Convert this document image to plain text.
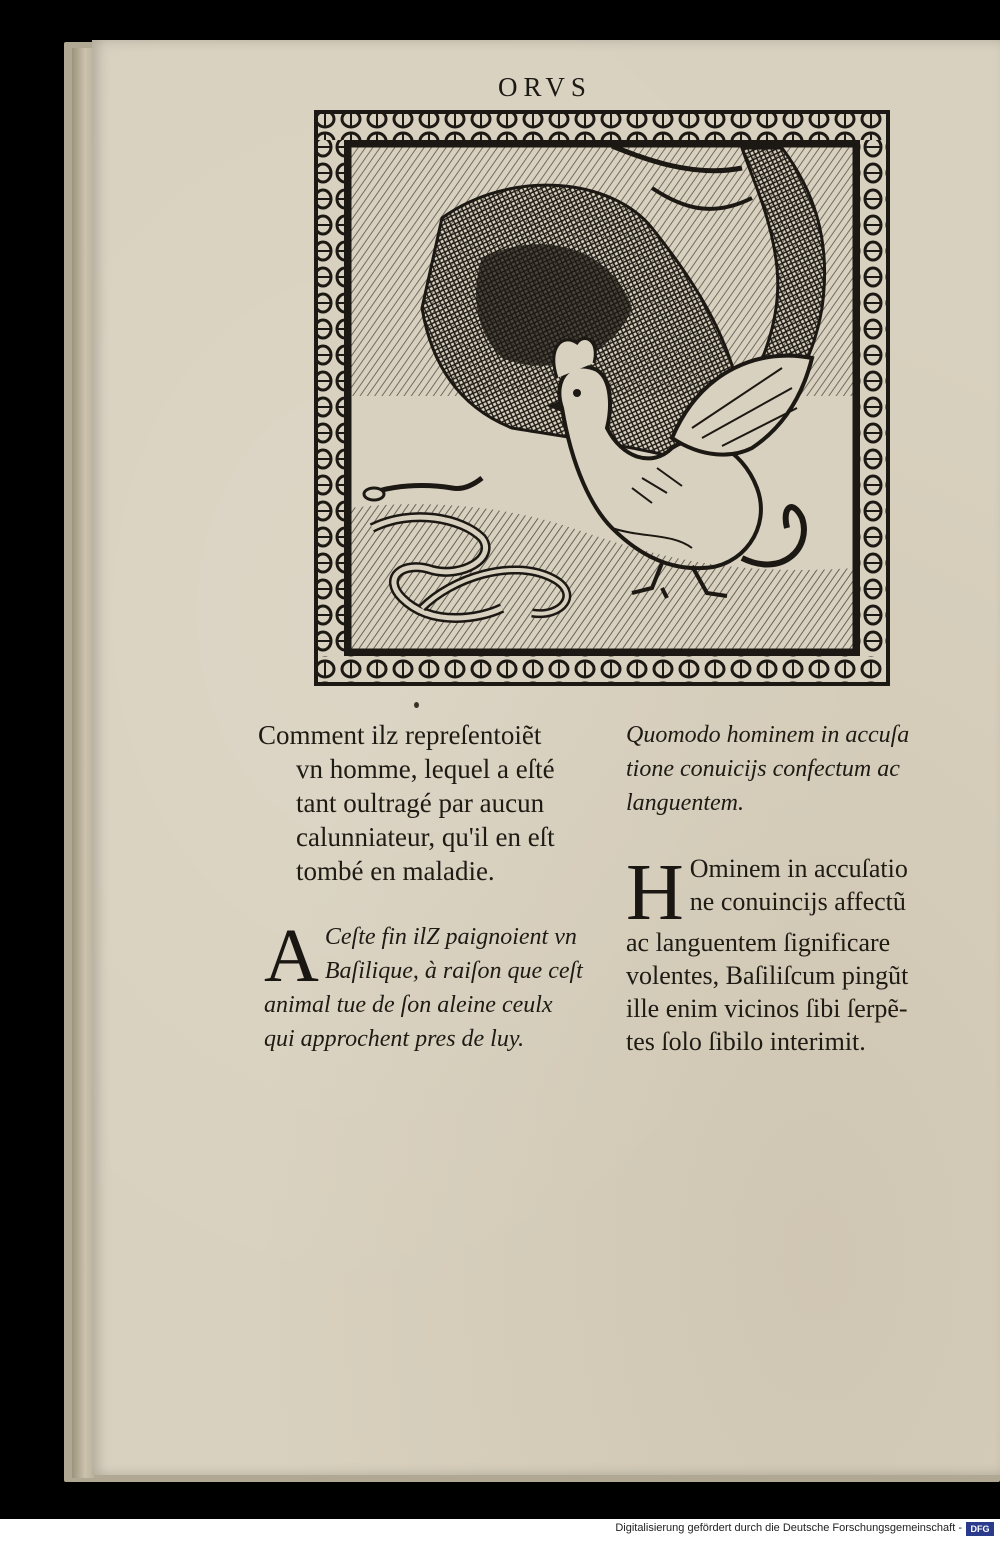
ORVS
Comment ilz repreſentoiẽt
vn homme, lequel a eſté
tant oultragé par aucun
calunniateur, qu'il en eſt
tombé en maladie.
Quomodo hominem in accuſa
tione conuicijs confectum ac
languentem.
A Ceſte fin ilZ paignoient vn
Baſilique, à raiſon que ceſt
animal tue de ſon aleine ceulx
qui approchent pres de luy.
H Ominem in accuſatio
ne conuincijs affectũ
ac languentem ſignificare
volentes, Baſiliſcum pingũt
ille enim vicinos ſibi ſerpẽ-
tes ſolo ſibilo interimit.
Digitalisierung gefördert durch die Deutsche Forschungsgemeinschaft - DFG
